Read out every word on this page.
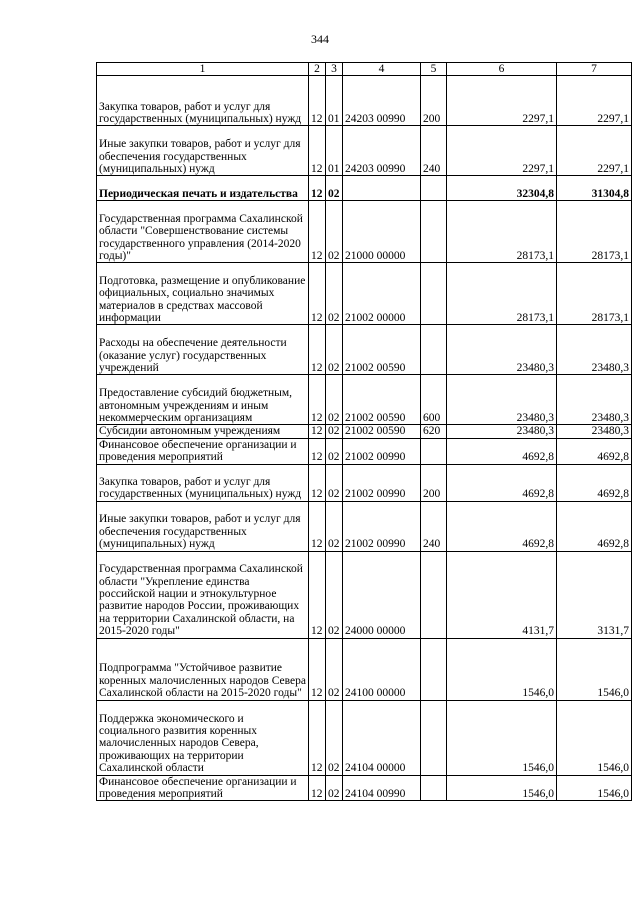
344
1	2	3	4	5	6	7
Закупка товаров, работ и услуг для государственных (муниципальных) нужд	12	01	24203 00990	200	2297,1	2297,1
Иные закупки товаров, работ и услуг для обеспечения государственных (муниципальных) нужд	12	01	24203 00990	240	2297,1	2297,1
Периодическая печать и издательства	12	02			32304,8	31304,8
Государственная программа Сахалинской области "Совершенствование системы государственного управления (2014-2020 годы)"	12	02	21000 00000		28173,1	28173,1
Подготовка, размещение и опубликование официальных, социально значимых материалов в средствах массовой информации	12	02	21002 00000		28173,1	28173,1
Расходы на обеспечение деятельности (оказание услуг) государственных учреждений	12	02	21002 00590		23480,3	23480,3
Предоставление субсидий бюджетным, автономным учреждениям и иным некоммерческим организациям	12	02	21002 00590	600	23480,3	23480,3
Субсидии автономным учреждениям	12	02	21002 00590	620	23480,3	23480,3
Финансовое обеспечение организации и проведения мероприятий	12	02	21002 00990		4692,8	4692,8
Закупка товаров, работ и услуг для государственных (муниципальных) нужд	12	02	21002 00990	200	4692,8	4692,8
Иные закупки товаров, работ и услуг для обеспечения государственных (муниципальных) нужд	12	02	21002 00990	240	4692,8	4692,8
Государственная программа Сахалинской области "Укрепление единства российской нации и этнокультурное развитие народов России, проживающих на территории Сахалинской области, на 2015-2020 годы"	12	02	24000 00000		4131,7	3131,7
Подпрограмма "Устойчивое развитие коренных малочисленных народов Севера Сахалинской области на 2015-2020 годы"	12	02	24100 00000		1546,0	1546,0
Поддержка экономического и социального развития коренных малочисленных народов Севера, проживающих на территории Сахалинской области	12	02	24104 00000		1546,0	1546,0
Финансовое обеспечение организации и проведения мероприятий	12	02	24104 00990		1546,0	1546,0
